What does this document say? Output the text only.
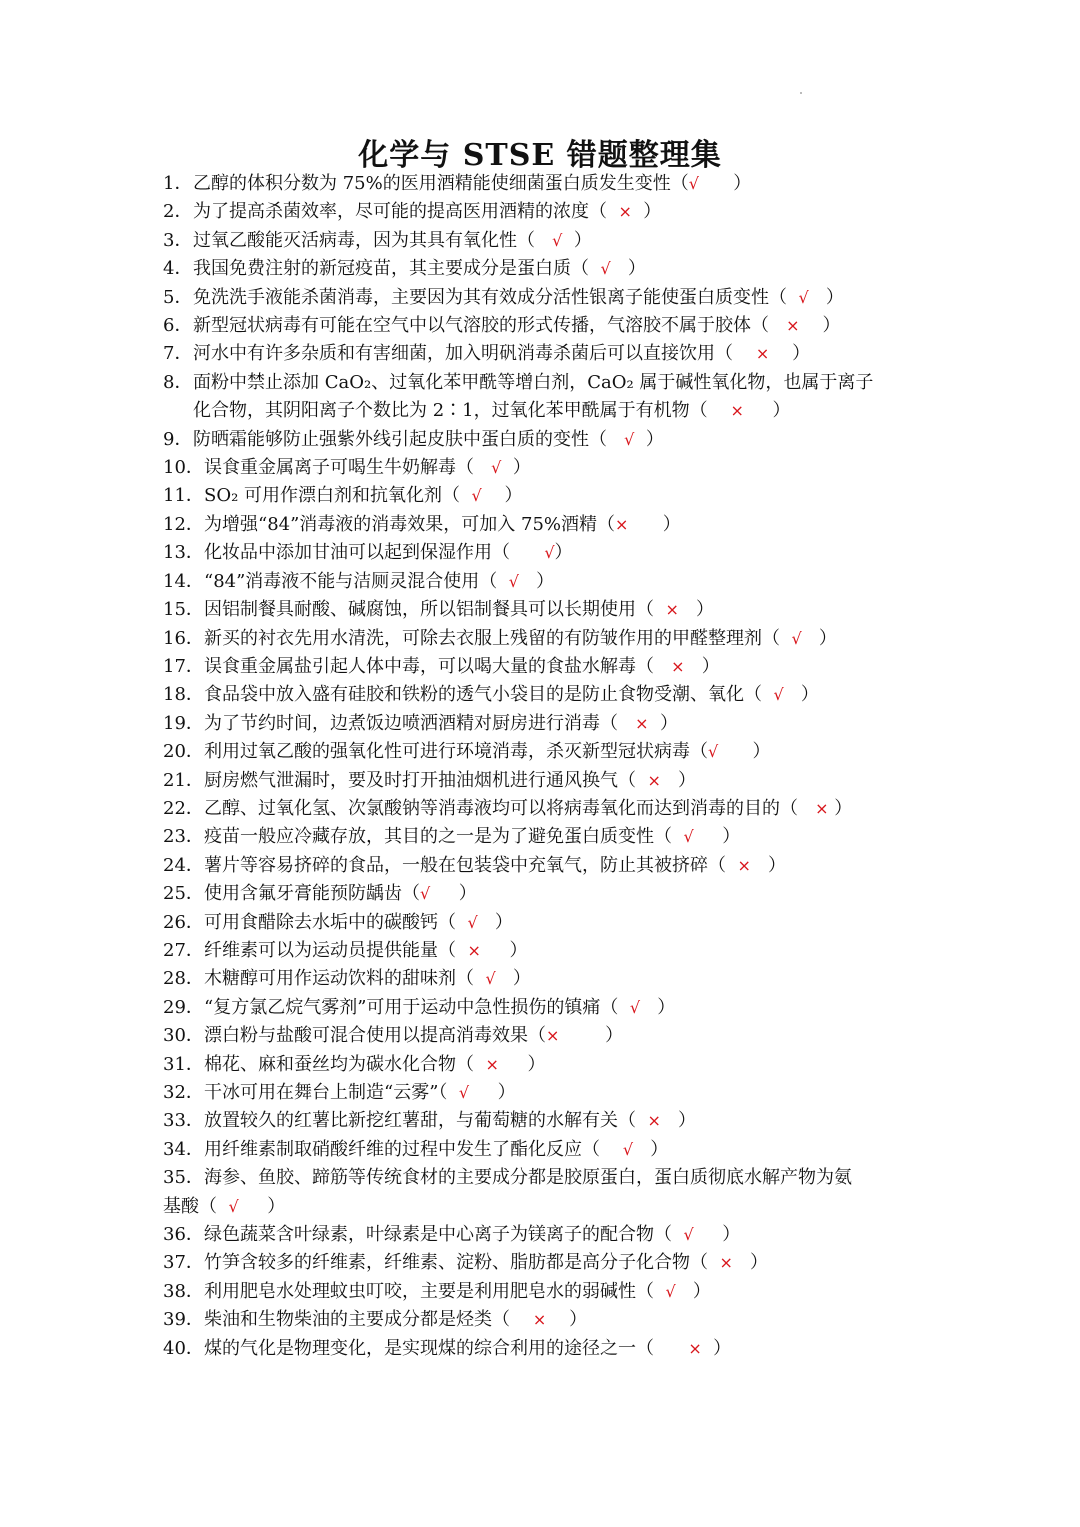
化学与 STSE 错题整理集
1．乙醇的体积分数为 75%的医用酒精能使细菌蛋白质发生变性（√      ）
2．为了提高杀菌效率，尽可能的提高医用酒精的浓度（  ×  ）
3．过氧乙酸能灭活病毒，因为其具有氧化性（   √  ）
4．我国免费注射的新冠疫苗，其主要成分是蛋白质（  √   ）
5．免洗洗手液能杀菌消毒，主要因为其有效成分活性银离子能使蛋白质变性（  √   ）
6．新型冠状病毒有可能在空气中以气溶胶的形式传播，气溶胶不属于胶体（   ×    ）
7．河水中有许多杂质和有害细菌，加入明矾消毒杀菌后可以直接饮用（    ×    ）
8．面粉中禁止添加 CaO₂、过氧化苯甲酰等增白剂，CaO₂ 属于碱性氧化物，也属于离子
化合物，其阴阳离子个数比为 2∶1，过氧化苯甲酰属于有机物（    ×     ）
9．防晒霜能够防止强紫外线引起皮肤中蛋白质的变性（   √  ）
10．误食重金属离子可喝生牛奶解毒（   √  ）
11．SO₂ 可用作漂白剂和抗氧化剂（  √    ）
12．为增强“84”消毒液的消毒效果，可加入 75%酒精（×      ）
13．化妆品中添加甘油可以起到保湿作用（      √）
14．“84”消毒液不能与洁厕灵混合使用（  √   ）
15．因铝制餐具耐酸、碱腐蚀，所以铝制餐具可以长期使用（  ×   ）
16．新买的衬衣先用水清洗，可除去衣服上残留的有防皱作用的甲醛整理剂（  √   ）
17．误食重金属盐引起人体中毒，可以喝大量的食盐水解毒（   ×   ）
18．食品袋中放入盛有硅胶和铁粉的透气小袋目的是防止食物受潮、氧化（  √   ）
19．为了节约时间，边煮饭边喷洒酒精对厨房进行消毒（   ×  ）
20．利用过氧乙酸的强氧化性可进行环境消毒，杀灭新型冠状病毒（√      ）
21．厨房燃气泄漏时，要及时打开抽油烟机进行通风换气（  ×   ）
22．乙醇、过氧化氢、次氯酸钠等消毒液均可以将病毒氧化而达到消毒的目的（   × ）
23．疫苗一般应冷藏存放，其目的之一是为了避免蛋白质变性（  √     ）
24．薯片等容易挤碎的食品，一般在包装袋中充氧气，防止其被挤碎（  ×   ）
25．使用含氟牙膏能预防龋齿（√     ）
26．可用食醋除去水垢中的碳酸钙（  √   ）
27．纤维素可以为运动员提供能量（  ×     ）
28．木糖醇可用作运动饮料的甜味剂（  √   ）
29．“复方氯乙烷气雾剂”可用于运动中急性损伤的镇痛（  √   ）
30．漂白粉与盐酸可混合使用以提高消毒效果（×        ）
31．棉花、麻和蚕丝均为碳水化合物（  ×     ）
32．干冰可用在舞台上制造“云雾”（  √     ）
33．放置较久的红薯比新挖红薯甜，与葡萄糖的水解有关（  ×   ）
34．用纤维素制取硝酸纤维的过程中发生了酯化反应（    √   ）
35．海参、鱼胶、蹄筋等传统食材的主要成分都是胶原蛋白，蛋白质彻底水解产物为氨
基酸（  √     ）
36．绿色蔬菜含叶绿素，叶绿素是中心离子为镁离子的配合物（  √     ）
37．竹笋含较多的纤维素，纤维素、淀粉、脂肪都是高分子化合物（  ×   ）
38．利用肥皂水处理蚊虫叮咬，主要是利用肥皂水的弱碱性（  √   ）
39．柴油和生物柴油的主要成分都是烃类（    ×    ）
40．煤的气化是物理变化，是实现煤的综合利用的途径之一（      ×  ）
